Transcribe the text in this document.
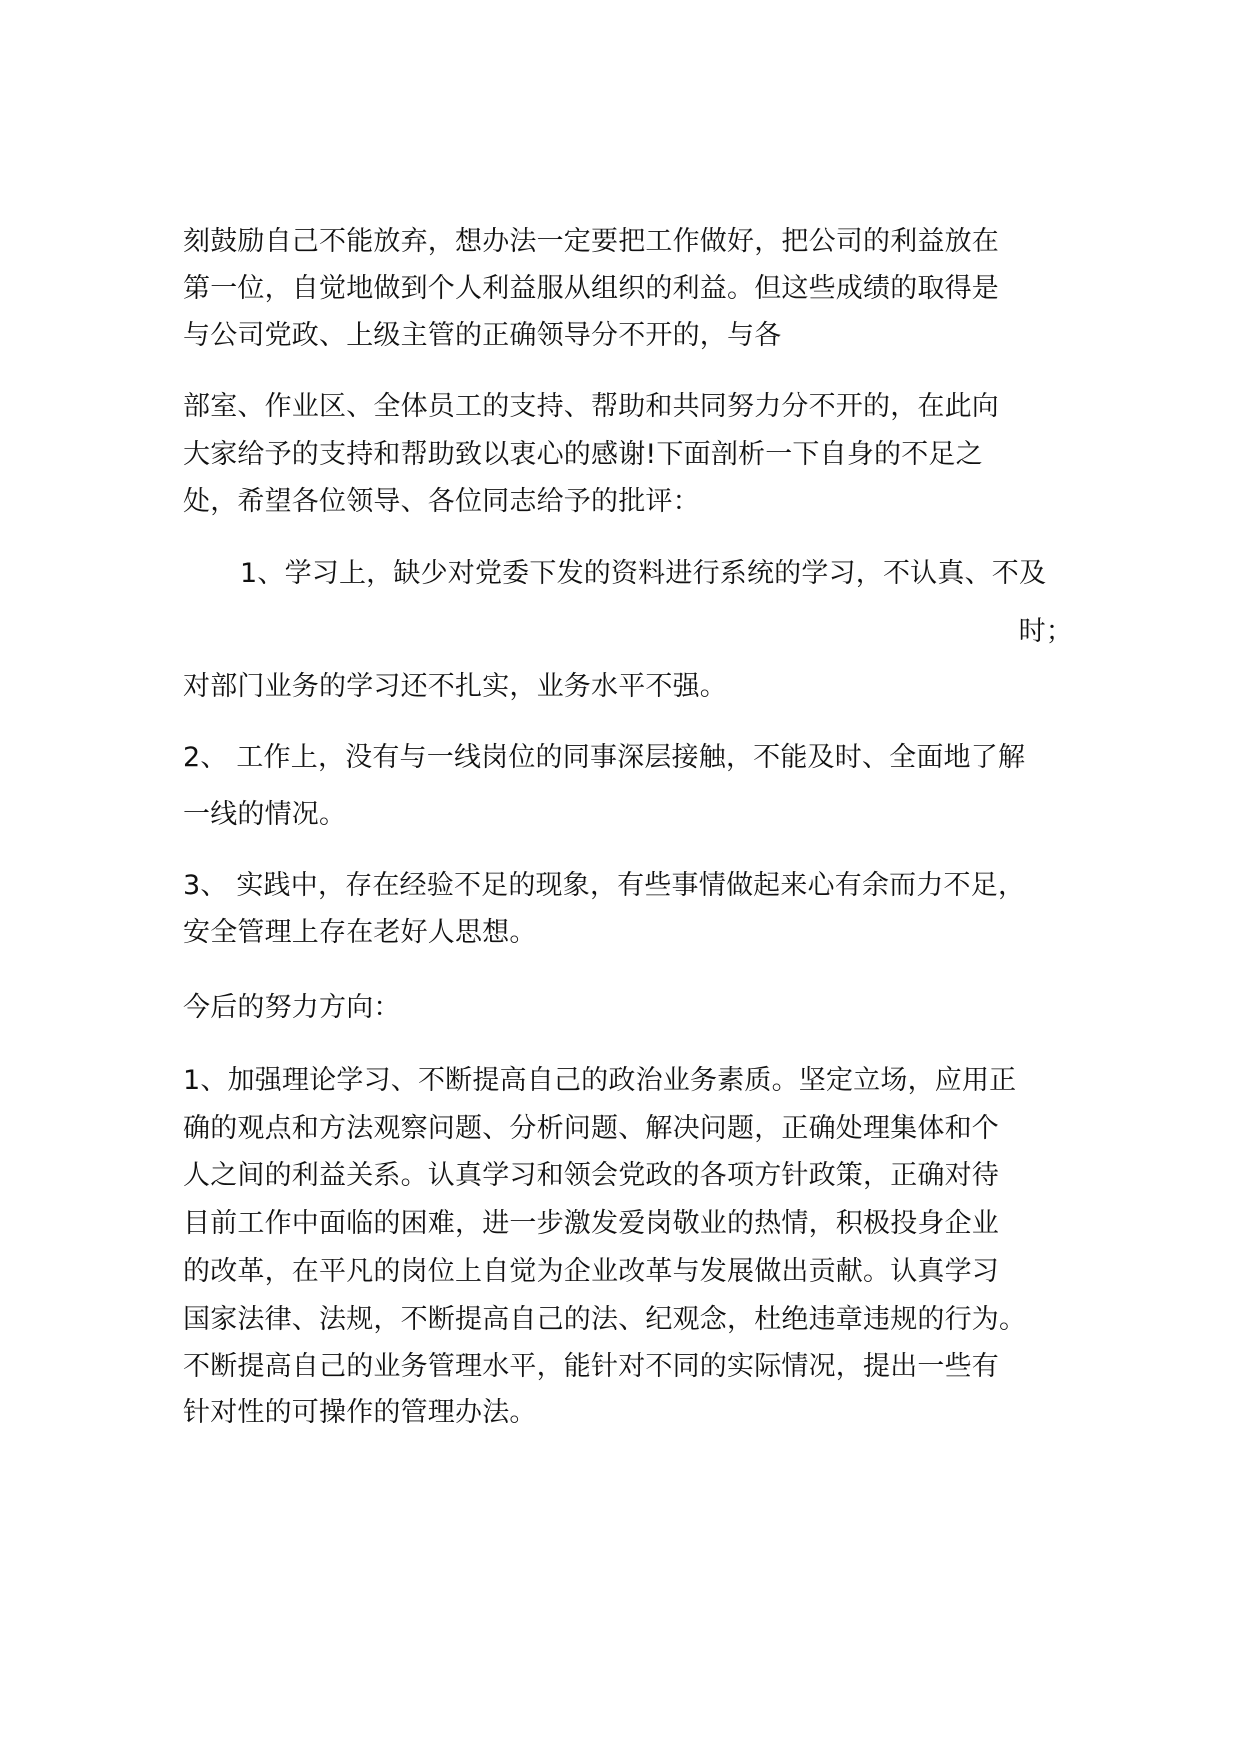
刻鼓励自己不能放弃，想办法一定要把工作做好，把公司的利益放在
第一位，自觉地做到个人利益服从组织的利益。但这些成绩的取得是
与公司党政、上级主管的正确领导分不开的，与各
部室、作业区、全体员工的支持、帮助和共同努力分不开的，在此向
大家给予的支持和帮助致以衷心的感谢!下面剖析一下自身的不足之
处，希望各位领导、各位同志给予的批评：
1、学习上，缺少对党委下发的资料进行系统的学习，不认真、不及
时；
对部门业务的学习还不扎实，业务水平不强。
2、 工作上，没有与一线岗位的同事深层接触，不能及时、全面地了解
一线的情况。
3、 实践中，存在经验不足的现象，有些事情做起来心有余而力不足，
安全管理上存在老好人思想。
今后的努力方向：
1、加强理论学习、不断提高自己的政治业务素质。坚定立场，应用正
确的观点和方法观察问题、分析问题、解决问题，正确处理集体和个
人之间的利益关系。认真学习和领会党政的各项方针政策，正确对待
目前工作中面临的困难，进一步激发爱岗敬业的热情，积极投身企业
的改革，在平凡的岗位上自觉为企业改革与发展做出贡献。认真学习
国家法律、法规，不断提高自己的法、纪观念，杜绝违章违规的行为。
不断提高自己的业务管理水平，能针对不同的实际情况，提出一些有
针对性的可操作的管理办法。
